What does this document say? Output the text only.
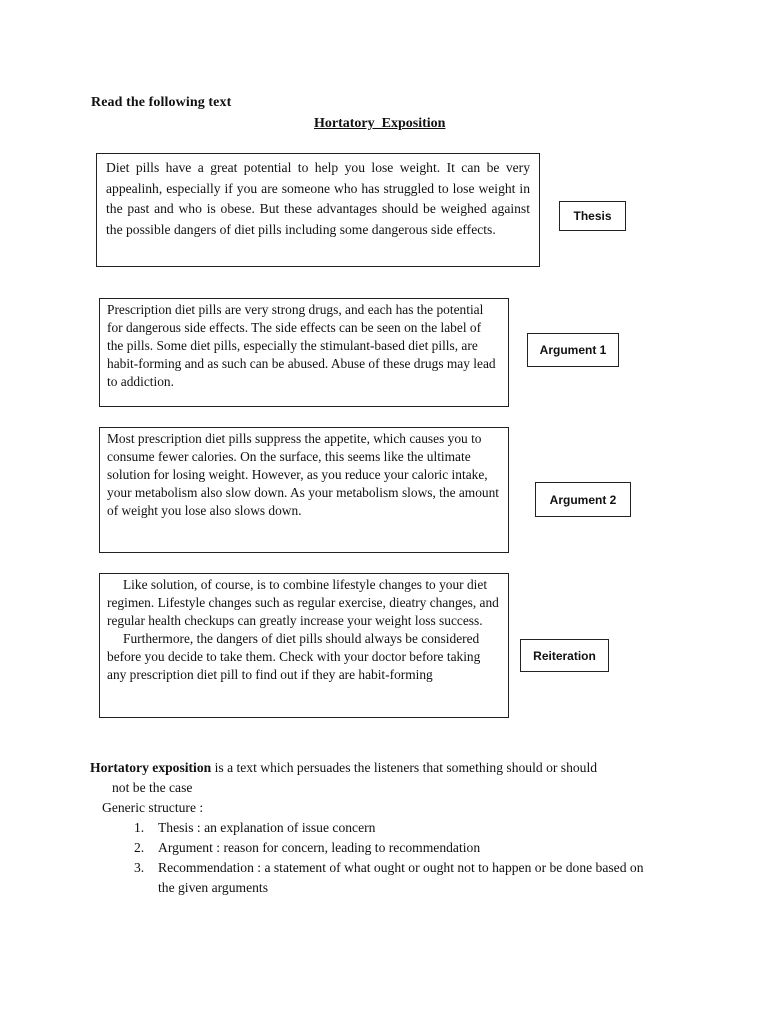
Read the following text
Hortatory  Exposition

Diet pills have a great potential to help you lose weight. It can be very appealinh, especially if you are someone who has struggled to lose weight in the past and who is obese. But these advantages should be weighed against the possible dangers of diet pills including some dangerous side effects.

Thesis

Prescription diet pills are very strong drugs, and each has the potential for dangerous side effects. The side effects can be seen on the label of the pills. Some diet pills, especially the stimulant-based diet pills, are habit-forming and as such can be abused. Abuse of these drugs may lead to addiction.

Argument 1

Most prescription diet pills suppress the appetite, which causes you to consume fewer calories. On the surface, this seems like the ultimate solution for losing weight. However, as you reduce your caloric intake, your metabolism also slow down. As your metabolism slows, the amount of weight you lose also slows down.

Argument 2

Like solution, of course, is to combine lifestyle changes to your diet regimen. Lifestyle changes such as regular exercise, dieatry changes, and regular health checkups can greatly increase your weight loss success.

Furthermore, the dangers of diet pills should always be considered before you decide to take them. Check with your doctor before taking any prescription diet pill to find out if they are habit-forming

Reiteration
Hortatory exposition is a text which persuades the listeners that something should or should
not be the case
Generic structure :
1.	Thesis : an explanation of issue concern
2.	Argument : reason for concern, leading to recommendation
3.	Recommendation : a statement of what ought or ought not to happen or be done based on the given arguments
